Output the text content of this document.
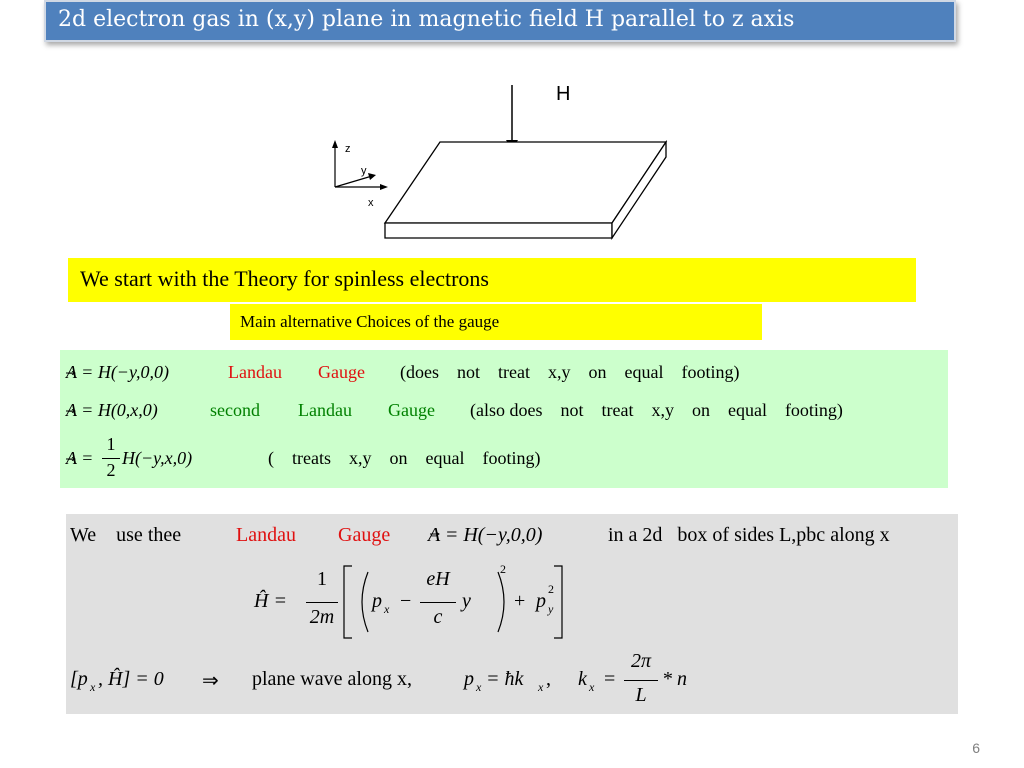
2d electron gas in (x,y) plane in magnetic field H parallel to z axis
H
z
y
x
We start with the Theory for spinless electrons
Main alternative Choices of the gauge
A = H(−y,0,0)	Landau Gauge (does    not    treat    x,y    on    equal    footing)
A = H(0,x,0)	second Landau Gauge (also does    not    treat    x,y    on    equal    footing)
A =
1
2
H(−y,x,0)	(    treats    x,y    on    equal    footing)
We    use thee	Landau Gauge A = H(−y,0,0)	in a 2d   box of sides L,pbc along x
Ĥ =
1
2m
p x −
eH
c
y
2
+ p y
2
[p x , Ĥ] = 0 ⇒ plane wave along x,	p x = ħk x , k x =
2π
L
* n
6
